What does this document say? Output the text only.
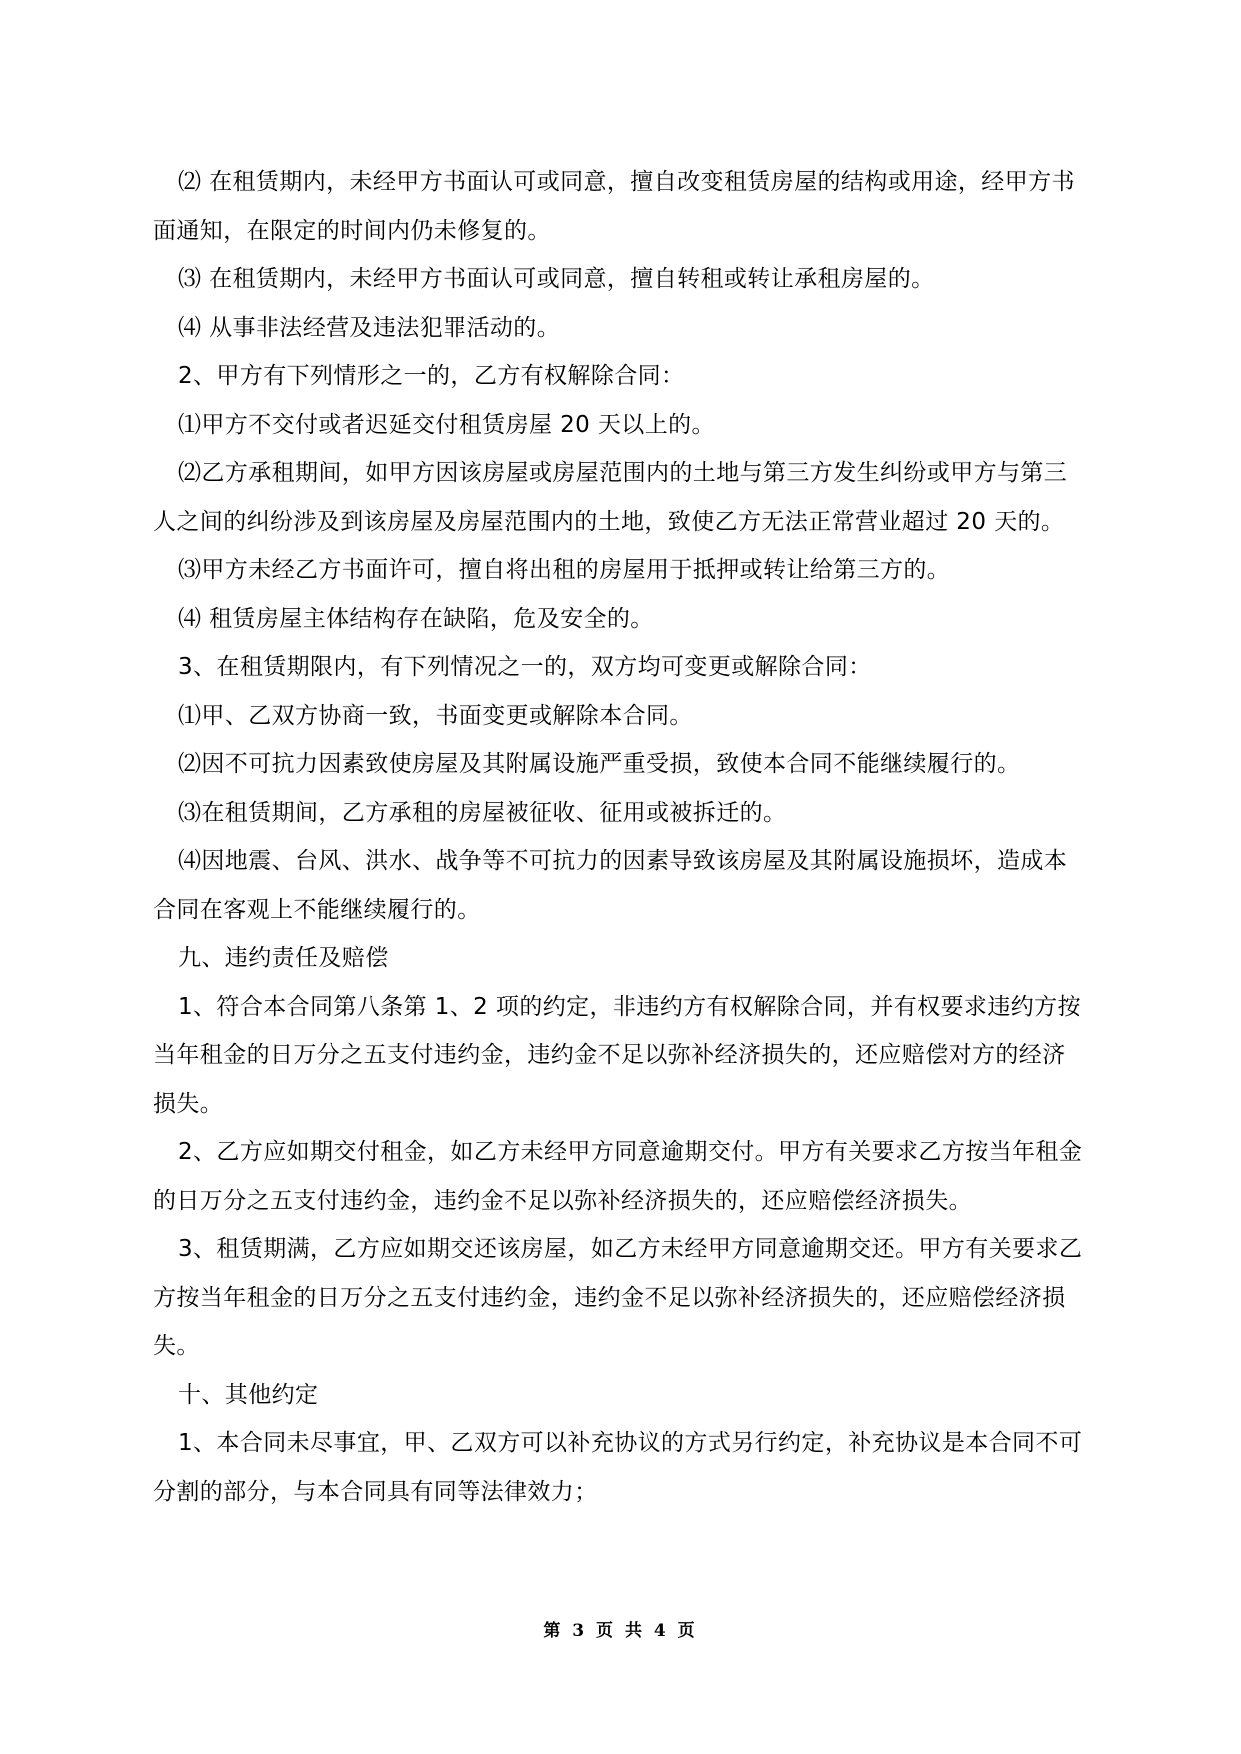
⑵ 在租赁期内，未经甲方书面认可或同意，擅自改变租赁房屋的结构或用途，经甲方书面通知，在限定的时间内仍未修复的。

⑶ 在租赁期内，未经甲方书面认可或同意，擅自转租或转让承租房屋的。

⑷ 从事非法经营及违法犯罪活动的。

2、甲方有下列情形之一的，乙方有权解除合同：

⑴甲方不交付或者迟延交付租赁房屋 20 天以上的。

⑵乙方承租期间，如甲方因该房屋或房屋范围内的土地与第三方发生纠纷或甲方与第三人之间的纠纷涉及到该房屋及房屋范围内的土地，致使乙方无法正常营业超过 20 天的。

⑶甲方未经乙方书面许可，擅自将出租的房屋用于抵押或转让给第三方的。

⑷ 租赁房屋主体结构存在缺陷，危及安全的。

3、在租赁期限内，有下列情况之一的，双方均可变更或解除合同：

⑴甲、乙双方协商一致，书面变更或解除本合同。

⑵因不可抗力因素致使房屋及其附属设施严重受损，致使本合同不能继续履行的。

⑶在租赁期间，乙方承租的房屋被征收、征用或被拆迁的。

⑷因地震、台风、洪水、战争等不可抗力的因素导致该房屋及其附属设施损坏，造成本合同在客观上不能继续履行的。

九、违约责任及赔偿

1、符合本合同第八条第 1、2 项的约定，非违约方有权解除合同，并有权要求违约方按当年租金的日万分之五支付违约金，违约金不足以弥补经济损失的，还应赔偿对方的经济损失。

2、乙方应如期交付租金，如乙方未经甲方同意逾期交付。甲方有关要求乙方按当年租金的日万分之五支付违约金，违约金不足以弥补经济损失的，还应赔偿经济损失。

3、租赁期满，乙方应如期交还该房屋，如乙方未经甲方同意逾期交还。甲方有关要求乙方按当年租金的日万分之五支付违约金，违约金不足以弥补经济损失的，还应赔偿经济损失。

十、其他约定

1、本合同未尽事宜，甲、乙双方可以补充协议的方式另行约定，补充协议是本合同不可分割的部分，与本合同具有同等法律效力；

第 3 页 共 4 页
